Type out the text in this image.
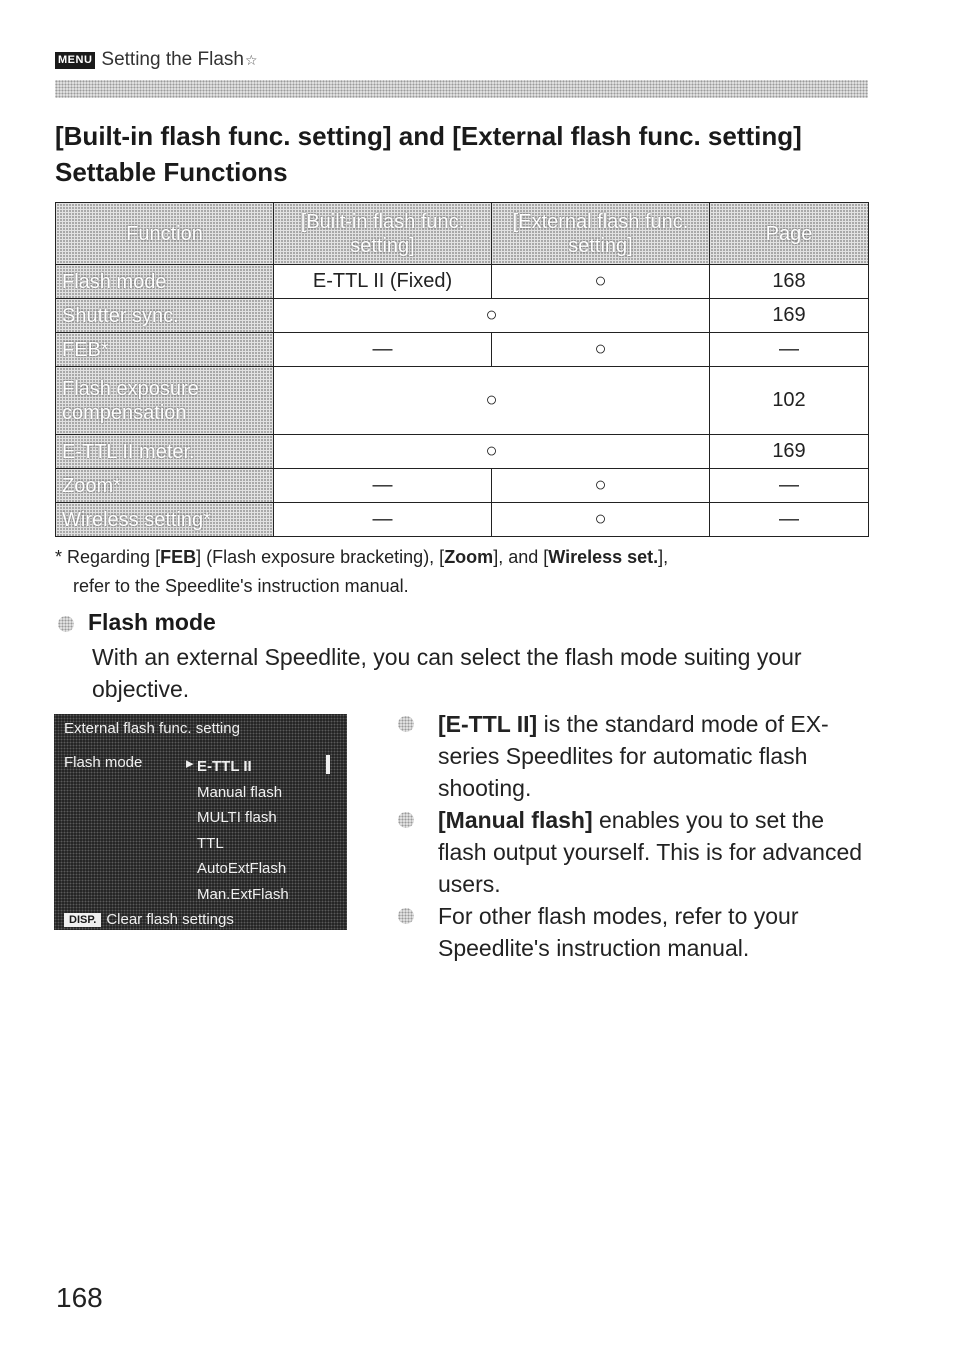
MENU Setting the Flash ☆
[Built-in flash func. setting] and [External flash func. setting] Settable Functions
Function	[Built-in flash func. setting]	[External flash func. setting]	Page
Flash mode	E-TTL II (Fixed)	○	168
Shutter sync.	○		169
FEB*	—	○	—
Flash exposure compensation	○		102
E-TTL II meter.	○		169
Zoom*	—	○	—
Wireless setting*	—	○	—
* Regarding [FEB] (Flash exposure bracketing), [Zoom], and [Wireless set.],
refer to the Speedlite's instruction manual.
Flash mode
With an external Speedlite, you can select the flash mode suiting your objective.
External flash func. setting
Flash mode	▸ E-TTL II
Manual flash
MULTI flash
TTL
AutoExtFlash
Man.ExtFlash
DISP. Clear flash settings

[E-TTL II] is the standard mode of EX-series Speedlites for automatic flash shooting.

[Manual flash] enables you to set the flash output yourself. This is for advanced users.

For other flash modes, refer to your Speedlite's instruction manual.

168
